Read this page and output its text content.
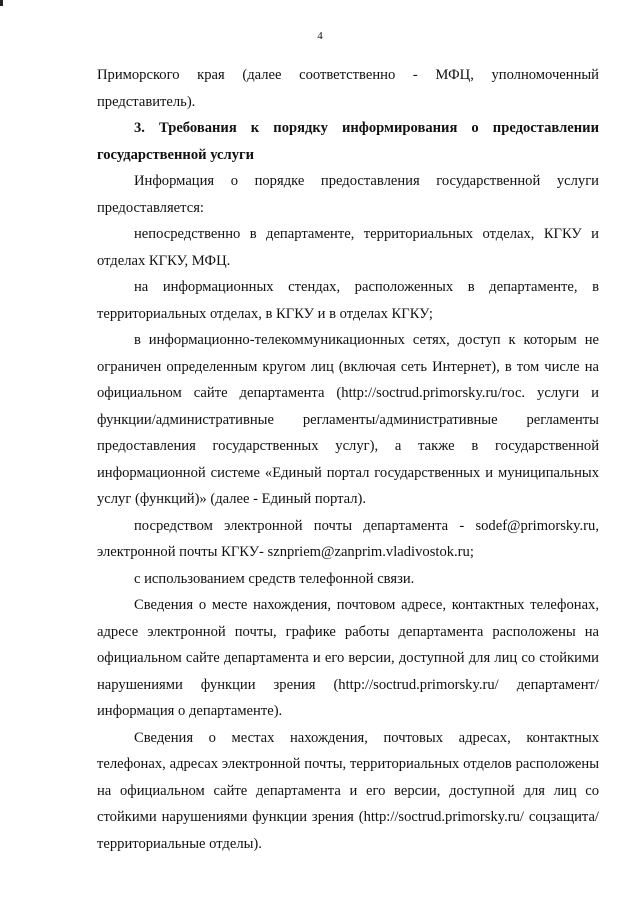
4

Приморского края (далее соответственно - МФЦ, уполномоченный представитель).

3. Требования к порядку информирования о предоставлении государственной услуги

Информация о порядке предоставления государственной услуги предоставляется:

непосредственно в департаменте, территориальных отделах, КГКУ и отделах КГКУ, МФЦ.

на информационных стендах, расположенных в департаменте, в территориальных отделах, в КГКУ и в отделах КГКУ;

в информационно-телекоммуникационных сетях, доступ к которым не ограничен определенным кругом лиц (включая сеть Интернет), в том числе на официальном сайте департамента (http://soctrud.primorsky.ru/гос. услуги и функции/административные регламенты/административные регламенты предоставления государственных услуг), а также в государственной информационной системе «Единый портал государственных и муниципальных услуг (функций)» (далее - Единый портал).

посредством электронной почты департамента - sodef@primorsky.ru, электронной почты КГКУ- sznpriem@zanprim.vladivostok.ru;

с использованием средств телефонной связи.

Сведения о месте нахождения, почтовом адресе, контактных телефонах, адресе электронной почты, графике работы департамента расположены на официальном сайте департамента и его версии, доступной для лиц со стойкими нарушениями функции зрения (http://soctrud.primorsky.ru/ департамент/информация о департаменте).

Сведения о местах нахождения, почтовых адресах, контактных телефонах, адресах электронной почты, территориальных отделов расположены на официальном сайте департамента и его версии, доступной для лиц со стойкими нарушениями функции зрения (http://soctrud.primorsky.ru/ соцзащита/территориальные отделы).
